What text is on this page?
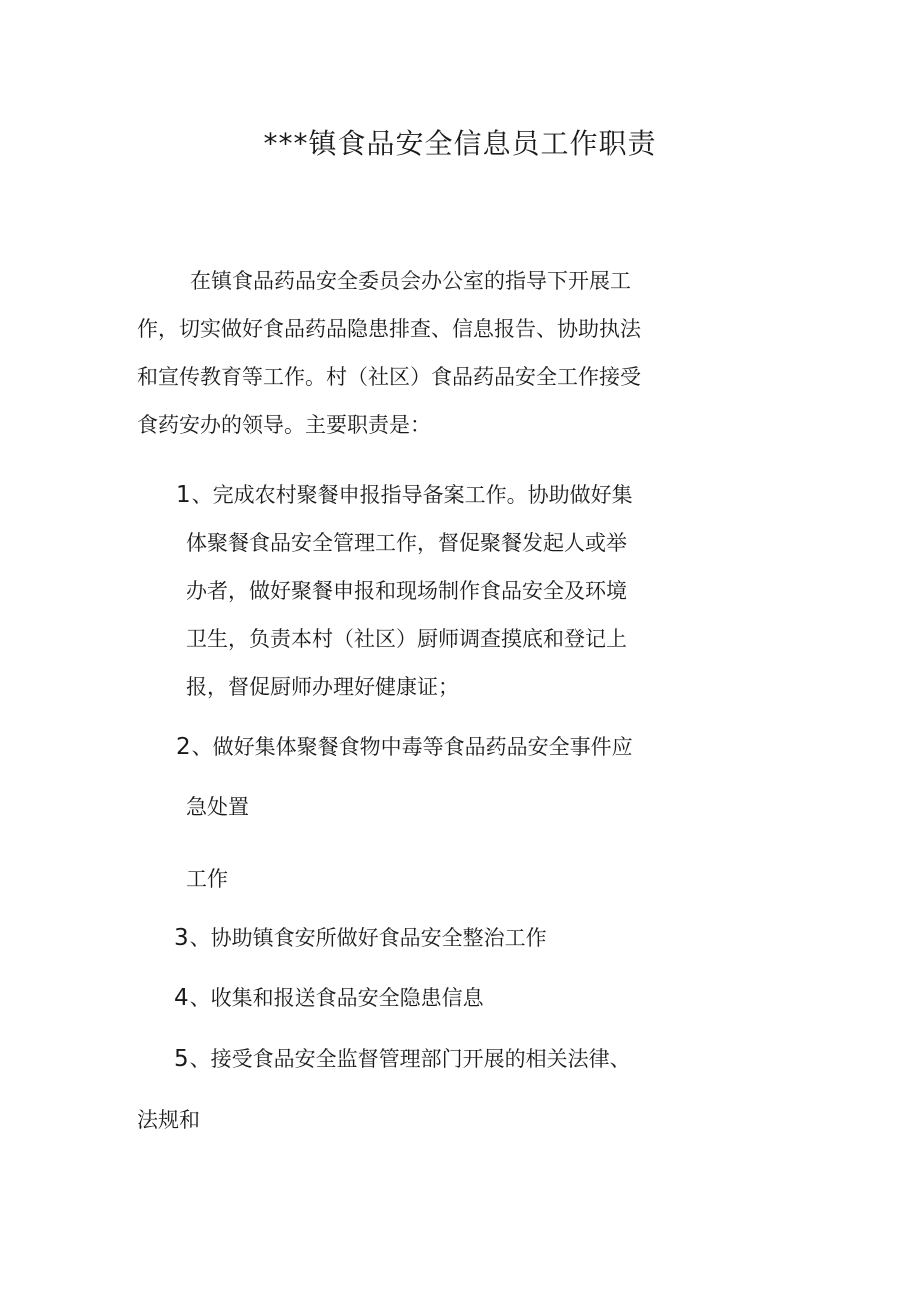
***镇食品安全信息员工作职责
在镇食品药品安全委员会办公室的指导下开展工
作，切实做好食品药品隐患排查、信息报告、协助执法
和宣传教育等工作。村（社区）食品药品安全工作接受
食药安办的领导。主要职责是：
1、完成农村聚餐申报指导备案工作。协助做好集
体聚餐食品安全管理工作，督促聚餐发起人或举
办者，做好聚餐申报和现场制作食品安全及环境
卫生，负责本村（社区）厨师调查摸底和登记上
报，督促厨师办理好健康证；
2、做好集体聚餐食物中毒等食品药品安全事件应
急处置
工作
3、协助镇食安所做好食品安全整治工作
4、收集和报送食品安全隐患信息
5、接受食品安全监督管理部门开展的相关法律、
法规和
